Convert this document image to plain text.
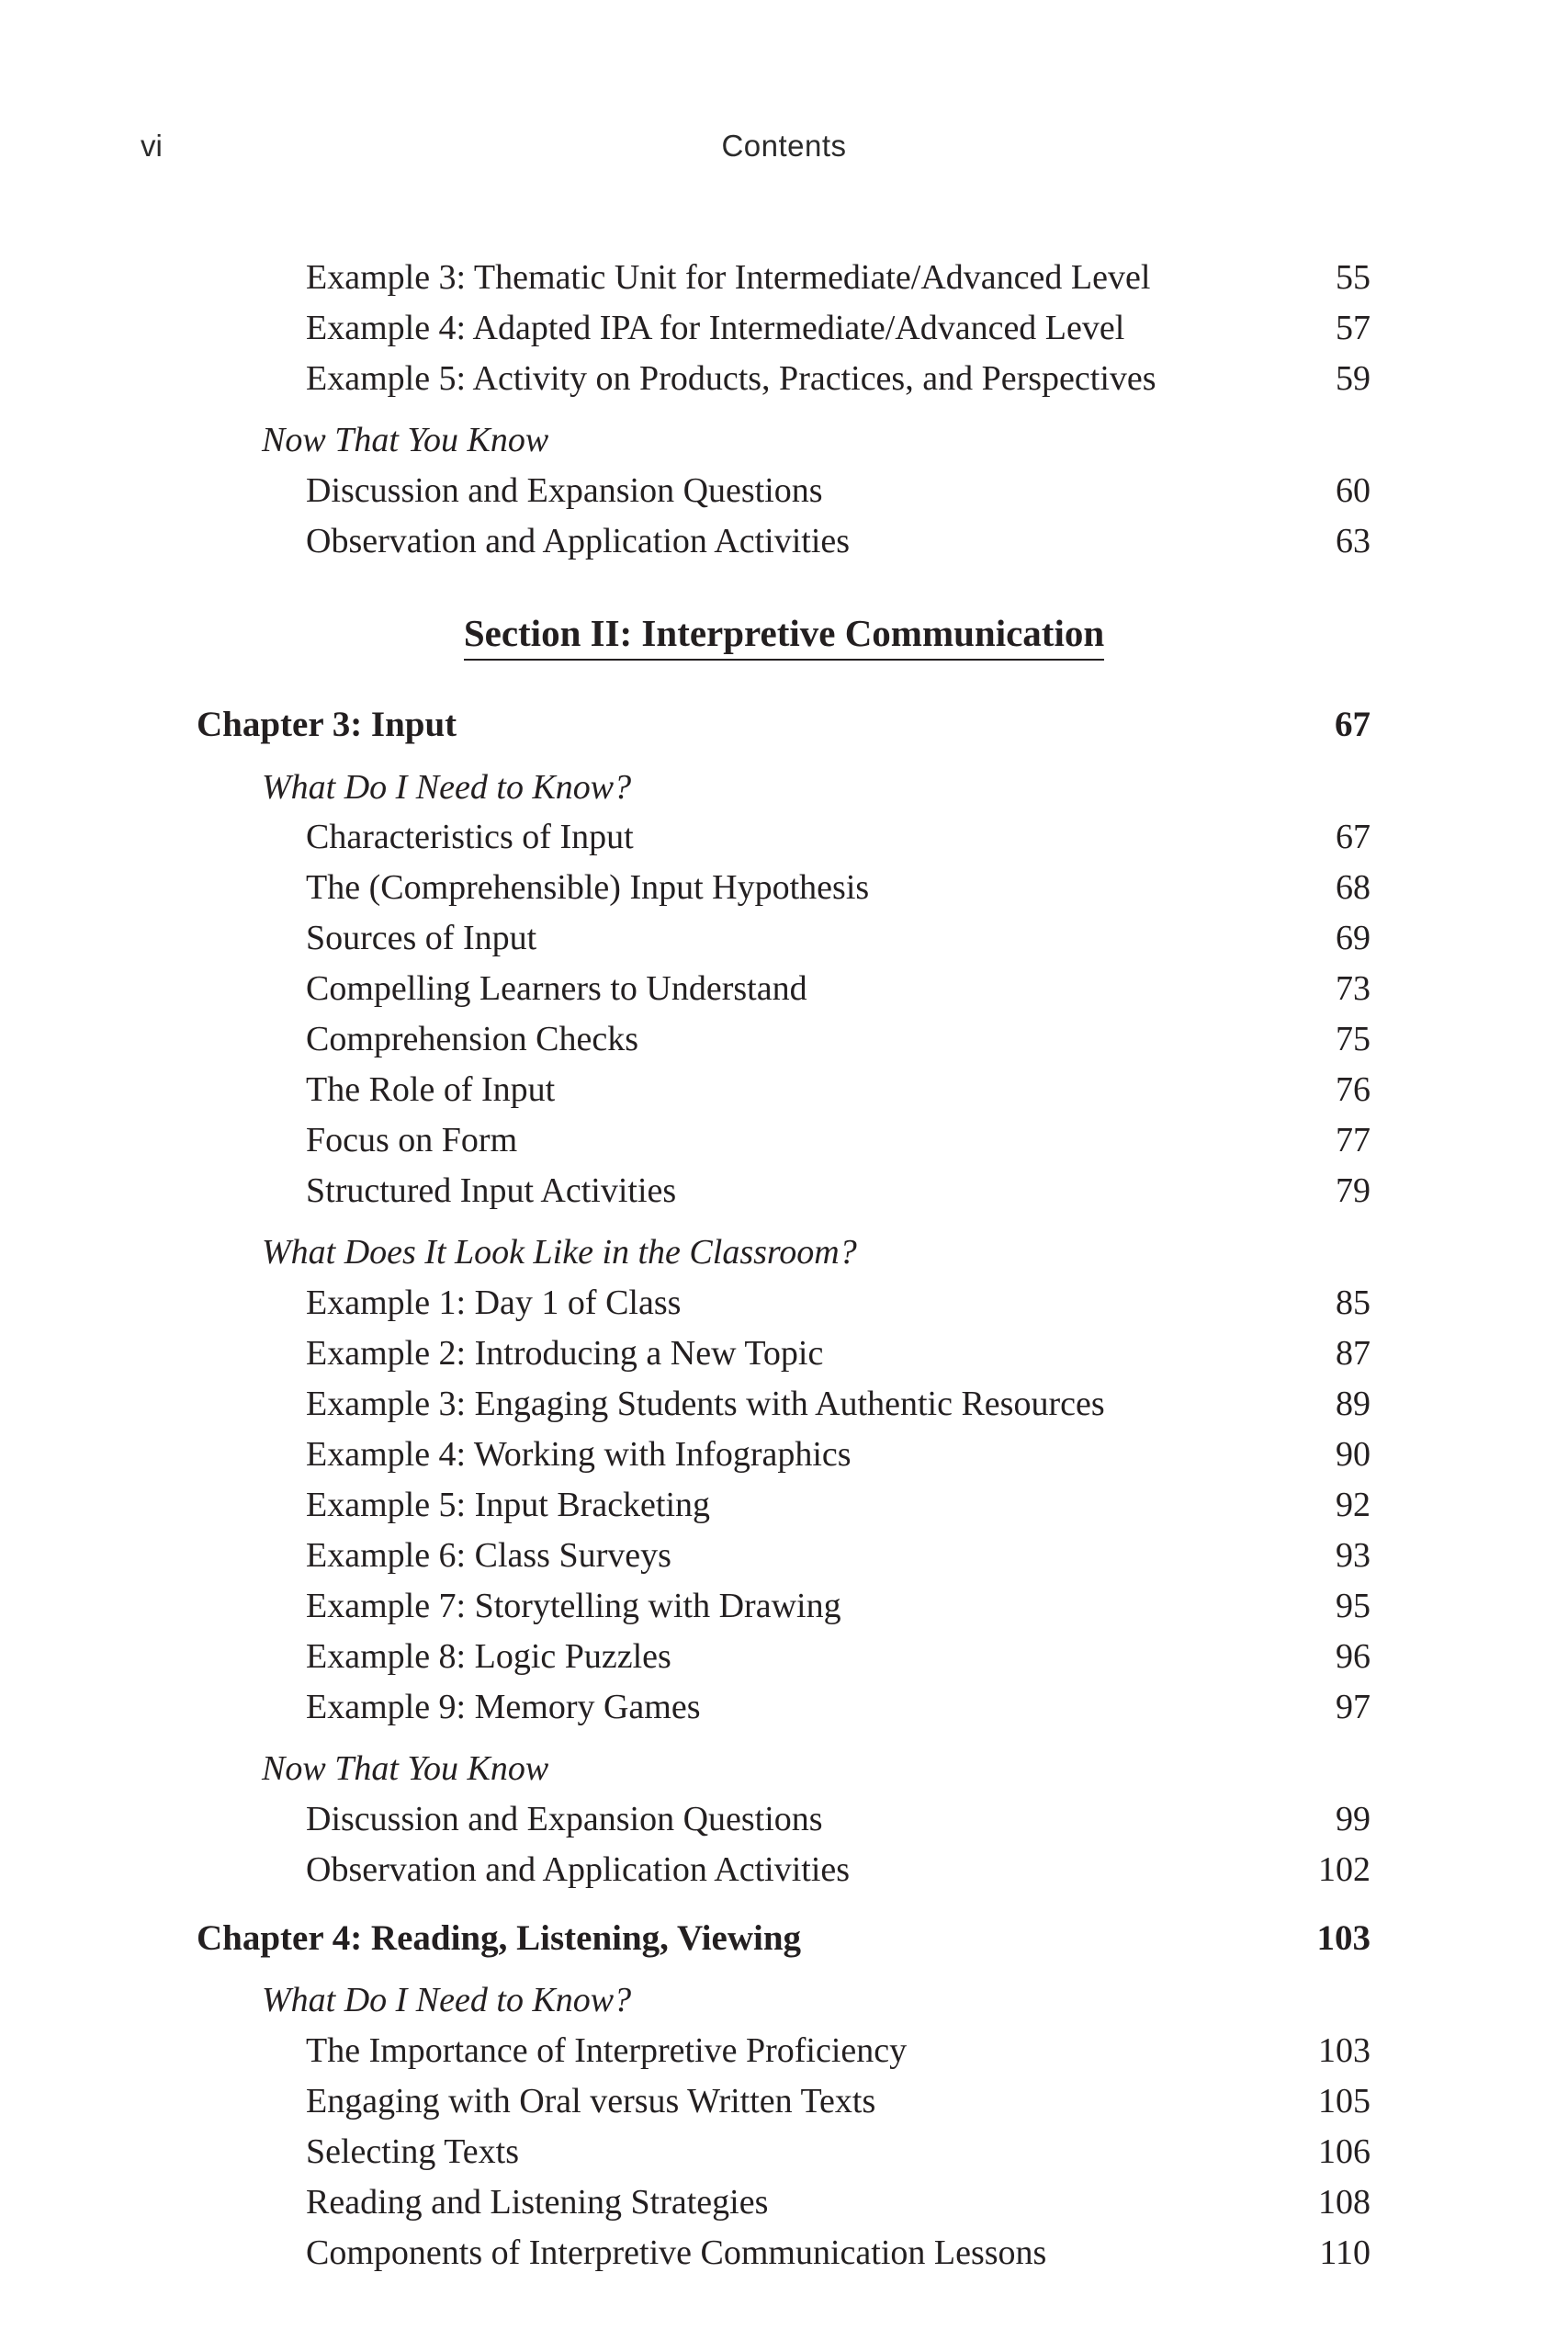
vi	Contents
Example 3: Thematic Unit for Intermediate/Advanced Level	55
Example 4: Adapted IPA for Intermediate/Advanced Level	57
Example 5: Activity on Products, Practices, and Perspectives	59
Now That You Know
Discussion and Expansion Questions	60
Observation and Application Activities	63
Section II: Interpretive Communication
Chapter 3: Input	67
What Do I Need to Know?
Characteristics of Input	67
The (Comprehensible) Input Hypothesis	68
Sources of Input	69
Compelling Learners to Understand	73
Comprehension Checks	75
The Role of Input	76
Focus on Form	77
Structured Input Activities	79
What Does It Look Like in the Classroom?
Example 1: Day 1 of Class	85
Example 2: Introducing a New Topic	87
Example 3: Engaging Students with Authentic Resources	89
Example 4: Working with Infographics	90
Example 5: Input Bracketing	92
Example 6: Class Surveys	93
Example 7: Storytelling with Drawing	95
Example 8: Logic Puzzles	96
Example 9: Memory Games	97
Now That You Know
Discussion and Expansion Questions	99
Observation and Application Activities	102
Chapter 4: Reading, Listening, Viewing	103
What Do I Need to Know?
The Importance of Interpretive Proficiency	103
Engaging with Oral versus Written Texts	105
Selecting Texts	106
Reading and Listening Strategies	108
Components of Interpretive Communication Lessons	110
